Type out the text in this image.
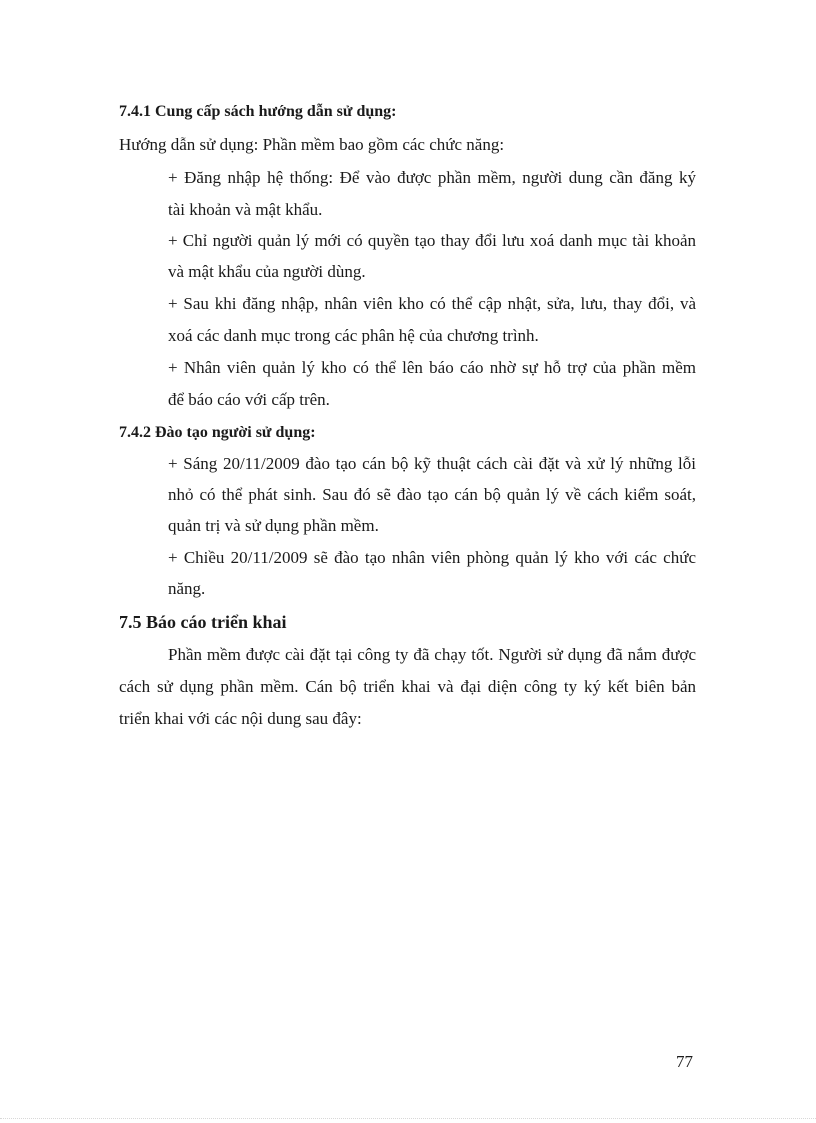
7.4.1 Cung cấp sách hướng dẫn sử dụng:
Hướng dẫn sử dụng: Phần mềm bao gồm các chức năng:
+ Đăng nhập hệ thống: Để vào được phần mềm, người dung cần đăng ký
tài khoản và mật khẩu.
+ Chỉ người quản lý mới có quyền tạo thay đổi lưu xoá danh mục tài khoản
và mật khẩu của người dùng.
+ Sau khi đăng nhập, nhân viên kho có thể cập nhật, sửa, lưu, thay đổi, và
xoá các danh mục trong các phân hệ của chương trình.
+ Nhân viên quản lý kho có thể lên báo cáo nhờ sự hỗ trợ của phần mềm
để báo cáo với cấp trên.
7.4.2 Đào tạo người sử dụng:
+ Sáng 20/11/2009 đào tạo cán bộ kỹ thuật cách cài đặt và xử lý những lỗi
nhỏ có thể phát sinh. Sau đó sẽ đào tạo cán bộ quản lý về cách kiểm soát,
quản trị và sử dụng phần mềm.
+ Chiều 20/11/2009 sẽ đào tạo nhân viên phòng quản lý kho với các chức
năng.
7.5 Báo cáo triển khai
Phần mềm được cài đặt tại công ty đã chạy tốt. Người sử dụng đã nắm được
cách sử dụng phần mềm. Cán bộ triển khai và đại diện công ty ký kết biên bản
triển khai với các nội dung sau đây:
77
